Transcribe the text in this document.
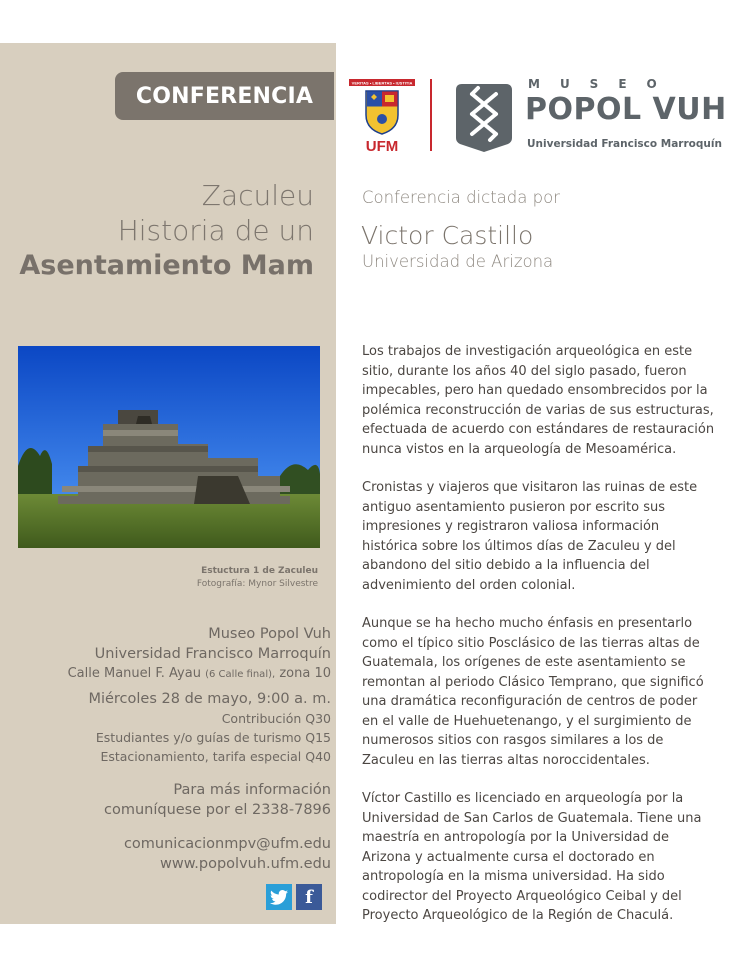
CONFERENCIA
Zaculeu
Historia de un
Asentamiento Mam
VERITAS • LIBERTAS • IUSTITIA
UFM
MUSEO
POPOL VUH
Universidad Francisco Marroquín
Conferencia dictada por
Victor Castillo
Universidad de Arizona
Estuctura 1 de Zaculeu
Fotografía: Mynor Silvestre
Museo Popol Vuh
Universidad Francisco Marroquín
Calle Manuel F. Ayau (6 Calle final), zona 10
Miércoles 28 de mayo, 9:00 a. m.
Contribución Q30
Estudiantes y/o guías de turismo Q15
Estacionamiento, tarifa especial Q40
Para más información
comuníquese por el 2338-7896
comunicacionmpv@ufm.edu
www.popolvuh.ufm.edu
f

Los trabajos de investigación arqueológica en este sitio, durante los años 40 del siglo pasado, fueron impecables, pero han quedado ensombrecidos por la polémica reconstrucción de varias de sus estructuras, efectuada de acuerdo con estándares de restauración nunca vistos en la arqueología de Mesoamérica.

Cronistas y viajeros que visitaron las ruinas de este antiguo asentamiento pusieron por escrito sus impresiones y registraron valiosa información histórica sobre los últimos días de Zaculeu y del abandono del sitio debido a la influencia del advenimiento del orden colonial.

Aunque se ha hecho mucho énfasis en presentarlo como el típico sitio Posclásico de las tierras altas de Guatemala, los orígenes de este asentamiento se remontan al periodo Clásico Temprano, que significó una dramática reconfiguración de centros de poder en el valle de Huehuetenango, y el surgimiento de numerosos sitios con rasgos similares a los de Zaculeu en las tierras altas noroccidentales.

Víctor Castillo es licenciado en arqueología por la Universidad de San Carlos de Guatemala. Tiene una maestría en antropología por la Universidad de Arizona y actualmente cursa el doctorado en antropología en la misma universidad. Ha sido codirector del Proyecto Arqueológico Ceibal y del Proyecto Arqueológico de la Región de Chaculá.
